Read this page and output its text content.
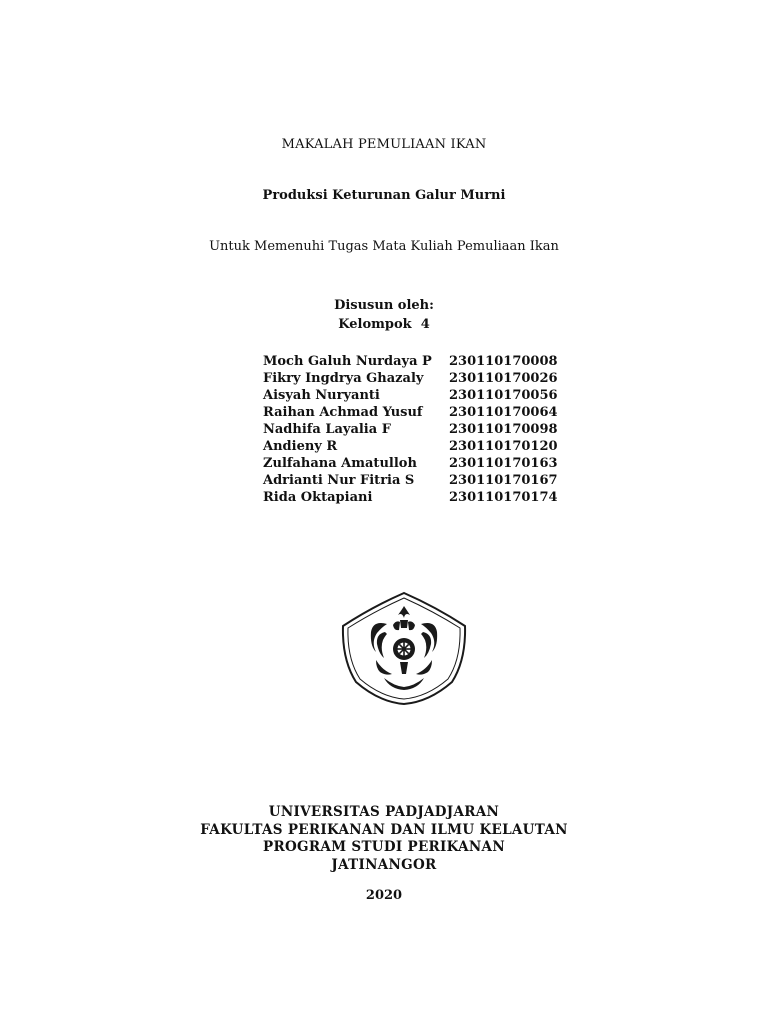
MAKALAH PEMULIAAN IKAN
Produksi Keturunan Galur Murni
Untuk Memenuhi Tugas Mata Kuliah Pemuliaan Ikan
Disusun oleh:
Kelompok  4
Moch Galuh Nurdaya P	230110170008
Fikry Ingdrya Ghazaly	230110170026
Aisyah Nuryanti	230110170056
Raihan Achmad Yusuf	230110170064
Nadhifa Layalia F	230110170098
Andieny R	230110170120
Zulfahana Amatulloh	230110170163
Adrianti Nur Fitria S	230110170167
Rida Oktapiani	230110170174
UNIVERSITAS PADJADJARAN
FAKULTAS PERIKANAN DAN ILMU KELAUTAN
PROGRAM STUDI PERIKANAN
JATINANGOR
2020
